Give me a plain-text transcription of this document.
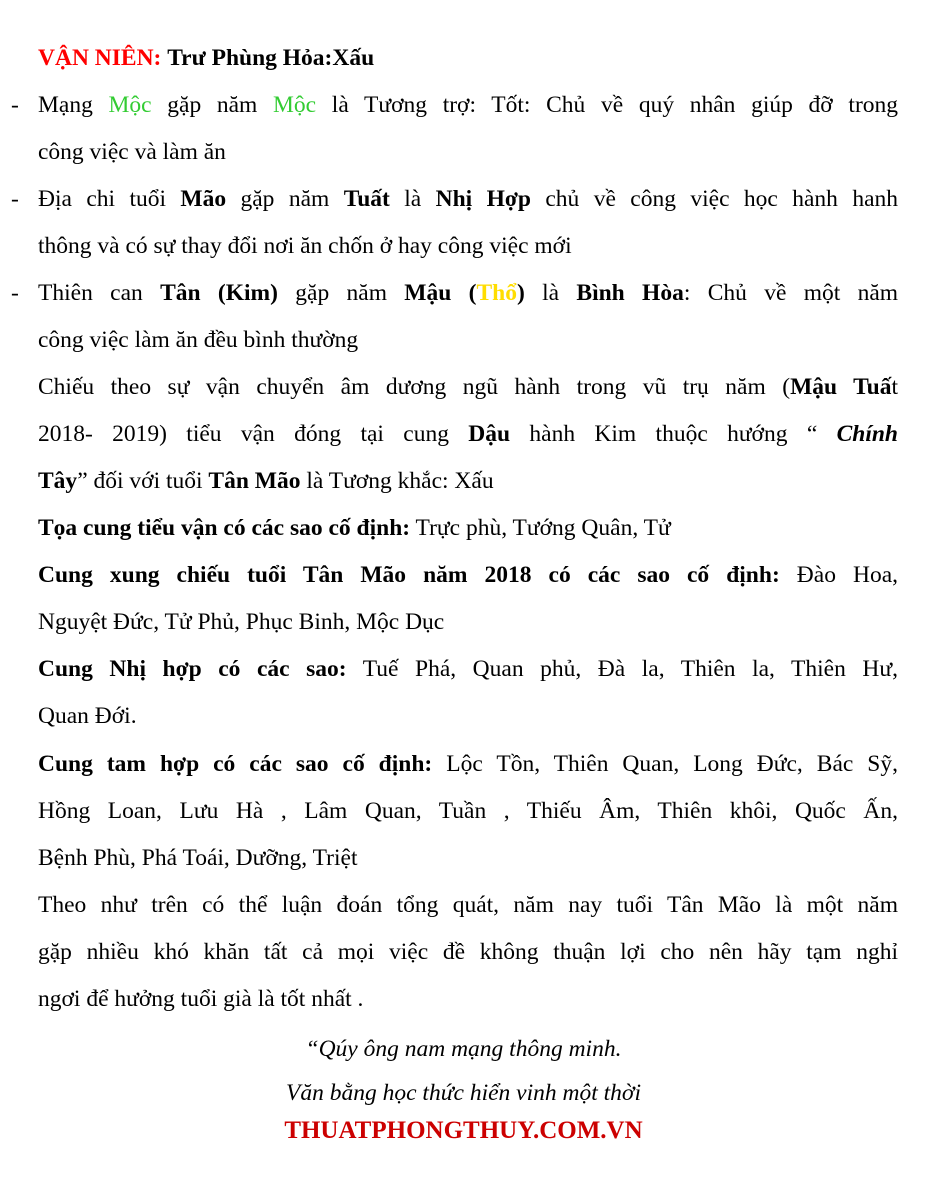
VẬN NIÊN: Trư Phùng Hỏa:Xấu
- Mạng Mộc gặp năm Mộc là Tương trợ: Tốt: Chủ về quý nhân giúp đỡ trong
công việc và làm ăn
- Địa chi tuổi Mão gặp năm Tuất là Nhị Hợp chủ về công việc học hành hanh
thông và có sự thay đổi nơi ăn chốn ở hay công việc mới
- Thiên can Tân (Kim) gặp năm Mậu (Thổ) là Bình Hòa: Chủ về một năm
công việc làm ăn đều bình thường
Chiếu theo sự vận chuyển âm dương ngũ hành trong vũ trụ năm (Mậu Tuất
2018- 2019) tiểu vận đóng tại cung Dậu hành Kim thuộc hướng “ Chính
Tây” đối với tuổi Tân Mão là Tương khắc: Xấu
Tọa cung tiểu vận có các sao cố định: Trực phù, Tướng Quân, Tử
Cung xung chiếu tuổi Tân Mão năm 2018 có các sao cố định: Đào Hoa,
Nguyệt Đức, Tử Phủ, Phục Binh, Mộc Dục
Cung Nhị hợp có các sao: Tuế Phá, Quan phủ, Đà la, Thiên la, Thiên Hư,
Quan Đới.
Cung tam hợp có các sao cố định: Lộc Tồn, Thiên Quan, Long Đức, Bác Sỹ,
Hồng Loan, Lưu Hà , Lâm Quan, Tuần , Thiếu Âm, Thiên khôi, Quốc Ấn,
Bệnh Phù, Phá Toái, Dưỡng, Triệt
Theo như trên có thể luận đoán tổng quát, năm nay tuổi Tân Mão là một năm
gặp nhiều khó khăn tất cả mọi việc đề không thuận lợi cho nên hãy tạm nghỉ
ngơi để hưởng tuổi già là tốt nhất .
“Qúy ông nam mạng thông minh.
Văn bằng học thức hiển vinh một thời
THUATPHONGTHUY.COM.VN
